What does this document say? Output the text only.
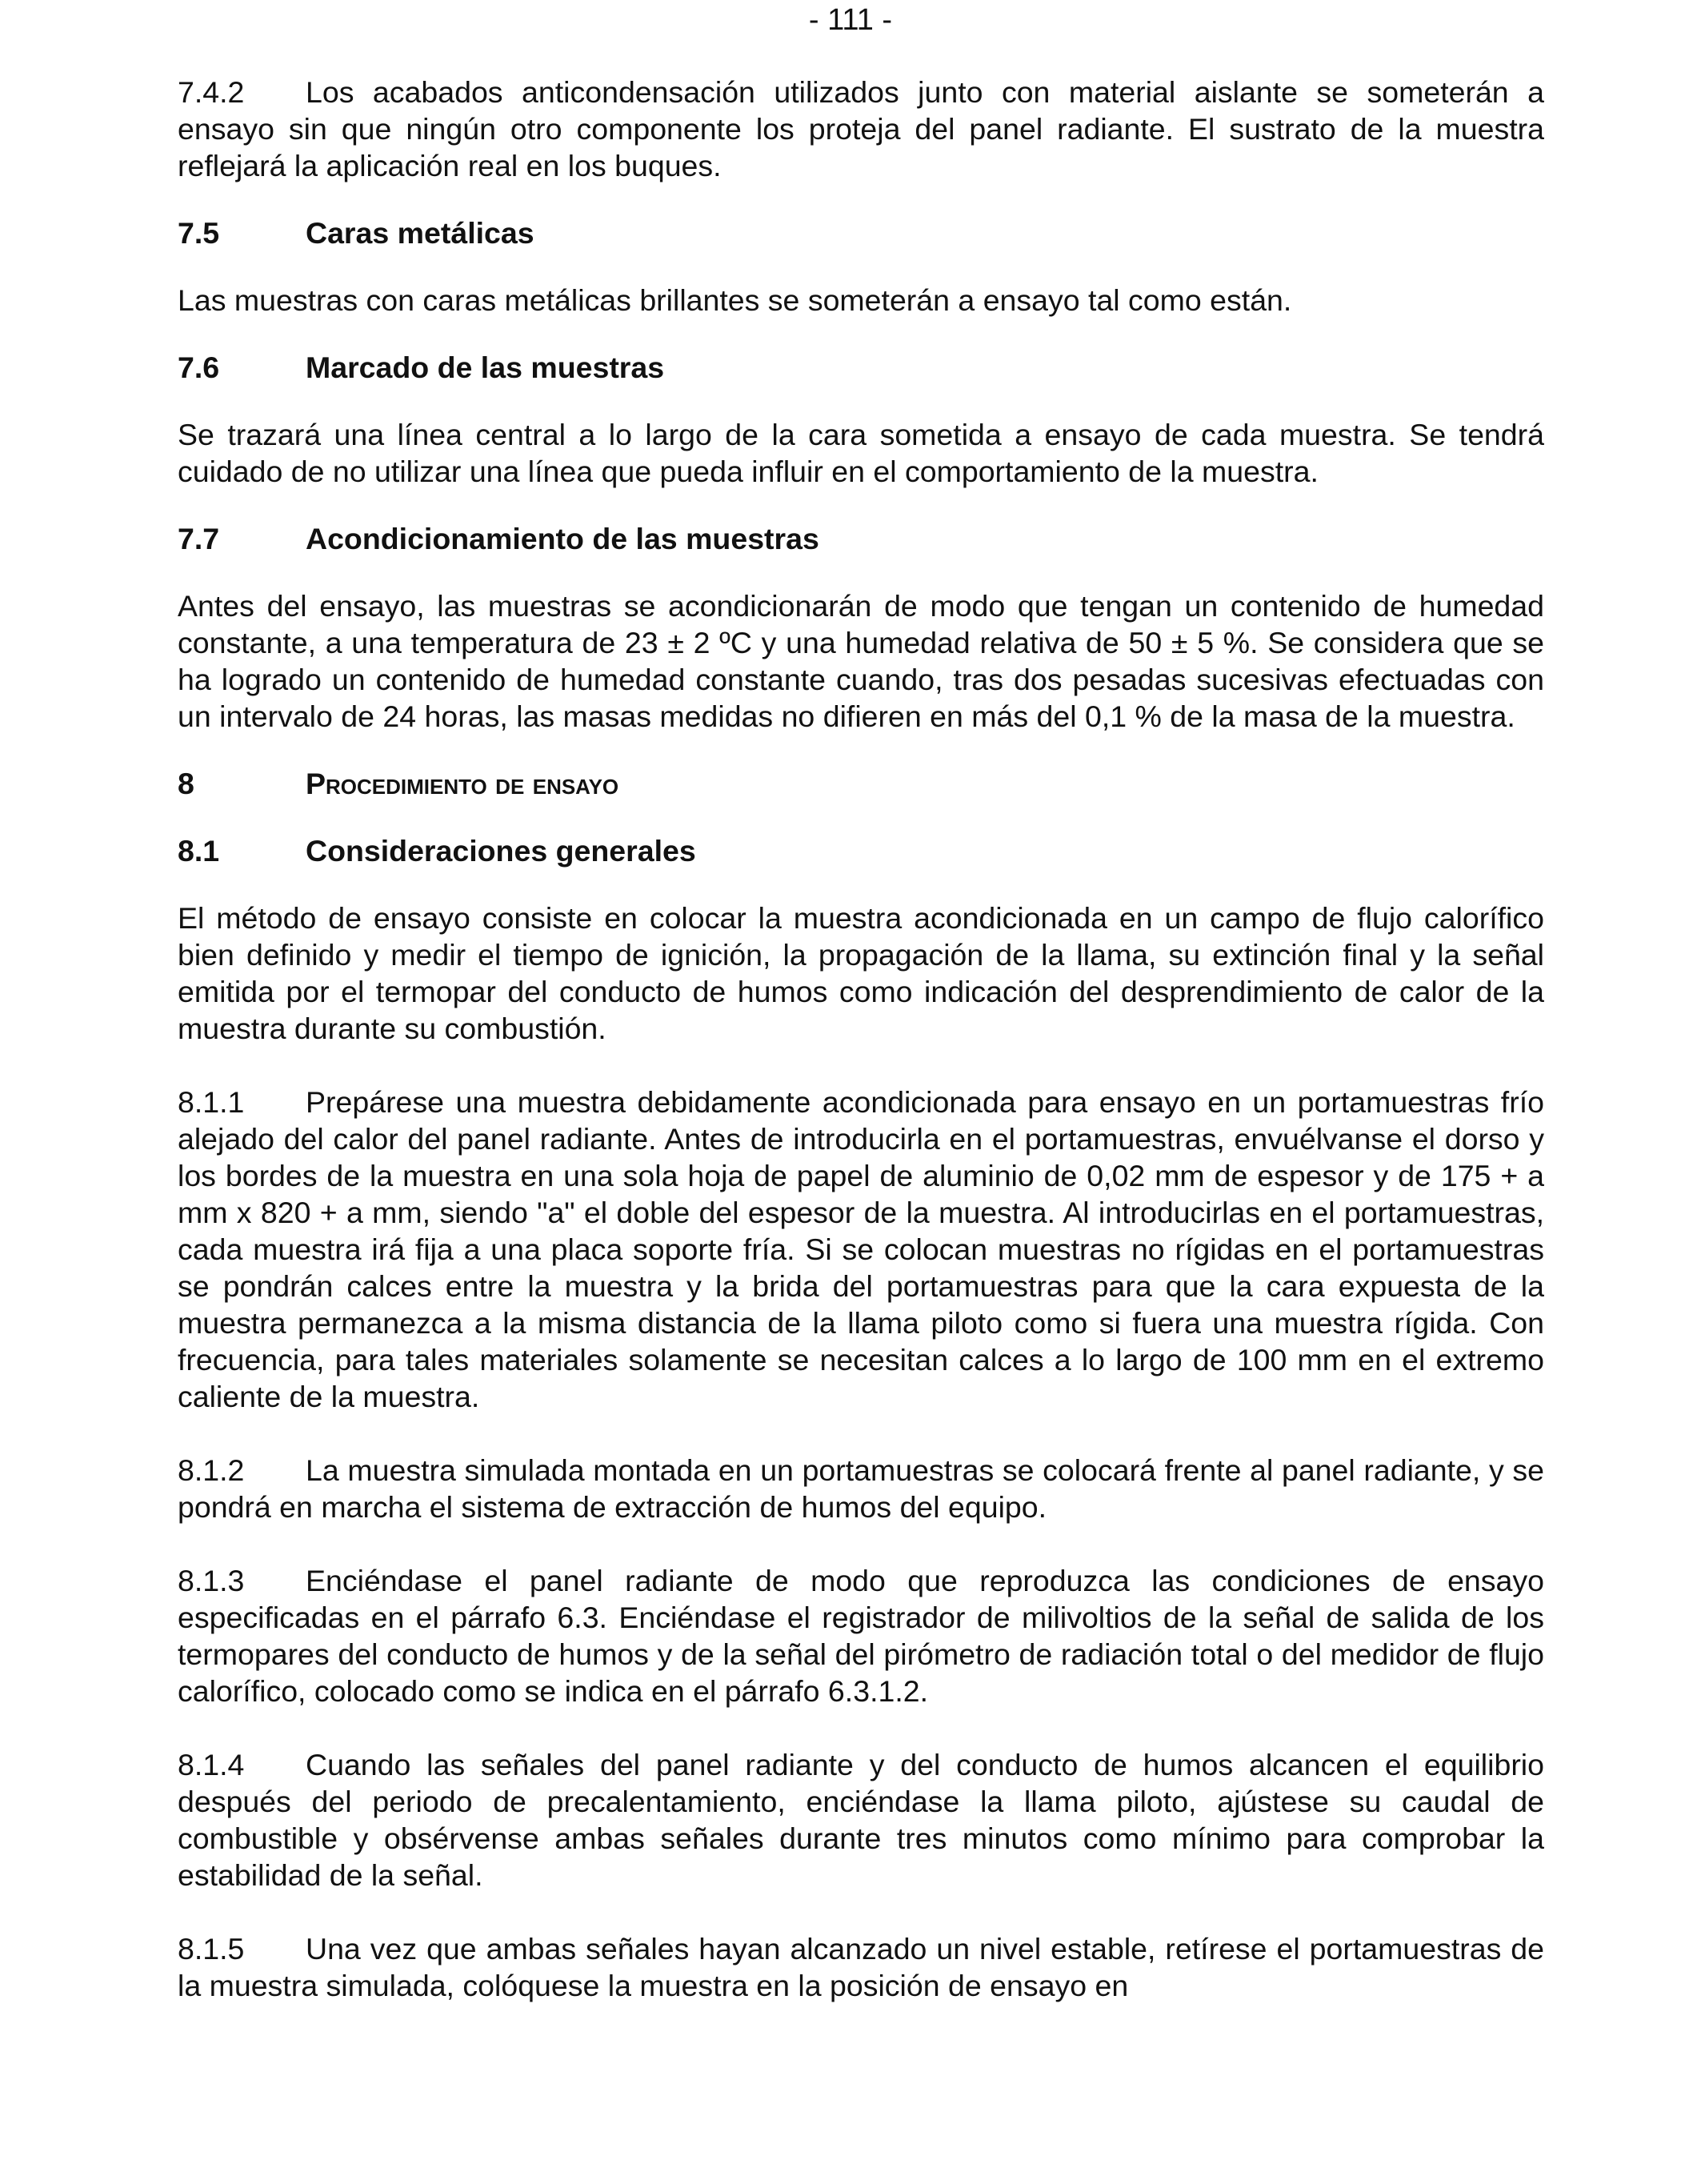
- 111 -

7.4.2 Los acabados anticondensación utilizados junto con material aislante se someterán a ensayo sin que ningún otro componente los proteja del panel radiante. El sustrato de la muestra reflejará la aplicación real en los buques.

7.5	Caras metálicas

Las muestras con caras metálicas brillantes se someterán a ensayo tal como están.

7.6	Marcado de las muestras

Se trazará una línea central a lo largo de la cara sometida a ensayo de cada muestra. Se tendrá cuidado de no utilizar una línea que pueda influir en el comportamiento de la muestra.

7.7	Acondicionamiento de las muestras

Antes del ensayo, las muestras se acondicionarán de modo que tengan un contenido de humedad constante, a una temperatura de 23 ± 2 ºC y una humedad relativa de 50 ± 5 %. Se considera que se ha logrado un contenido de humedad constante cuando, tras dos pesadas sucesivas efectuadas con un intervalo de 24 horas, las masas medidas no difieren en más del 0,1 % de la masa de la muestra.

8	Procedimiento de ensayo

8.1	Consideraciones generales

El método de ensayo consiste en colocar la muestra acondicionada en un campo de flujo calorífico bien definido y medir el tiempo de ignición, la propagación de la llama, su extinción final y la señal emitida por el termopar del conducto de humos como indicación del desprendimiento de calor de la muestra durante su combustión.

8.1.1 Prepárese una muestra debidamente acondicionada para ensayo en un portamuestras frío alejado del calor del panel radiante. Antes de introducirla en el portamuestras, envuélvanse el dorso y los bordes de la muestra en una sola hoja de papel de aluminio de 0,02 mm de espesor y de 175 + a mm x 820 + a mm, siendo "a" el doble del espesor de la muestra. Al introducirlas en el portamuestras, cada muestra irá fija a una placa soporte fría. Si se colocan muestras no rígidas en el portamuestras se pondrán calces entre la muestra y la brida del portamuestras para que la cara expuesta de la muestra permanezca a la misma distancia de la llama piloto como si fuera una muestra rígida. Con frecuencia, para tales materiales solamente se necesitan calces a lo largo de 100 mm en el extremo caliente de la muestra.

8.1.2 La muestra simulada montada en un portamuestras se colocará frente al panel radiante, y se pondrá en marcha el sistema de extracción de humos del equipo.

8.1.3 Enciéndase el panel radiante de modo que reproduzca las condiciones de ensayo especificadas en el párrafo 6.3. Enciéndase el registrador de milivoltios de la señal de salida de los termopares del conducto de humos y de la señal del pirómetro de radiación total o del medidor de flujo calorífico, colocado como se indica en el párrafo 6.3.1.2.

8.1.4 Cuando las señales del panel radiante y del conducto de humos alcancen el equilibrio después del periodo de precalentamiento, enciéndase la llama piloto, ajústese su caudal de combustible y obsérvense ambas señales durante tres minutos como mínimo para comprobar la estabilidad de la señal.

8.1.5 Una vez que ambas señales hayan alcanzado un nivel estable, retírese el portamuestras de la muestra simulada, colóquese la muestra en la posición de ensayo en
